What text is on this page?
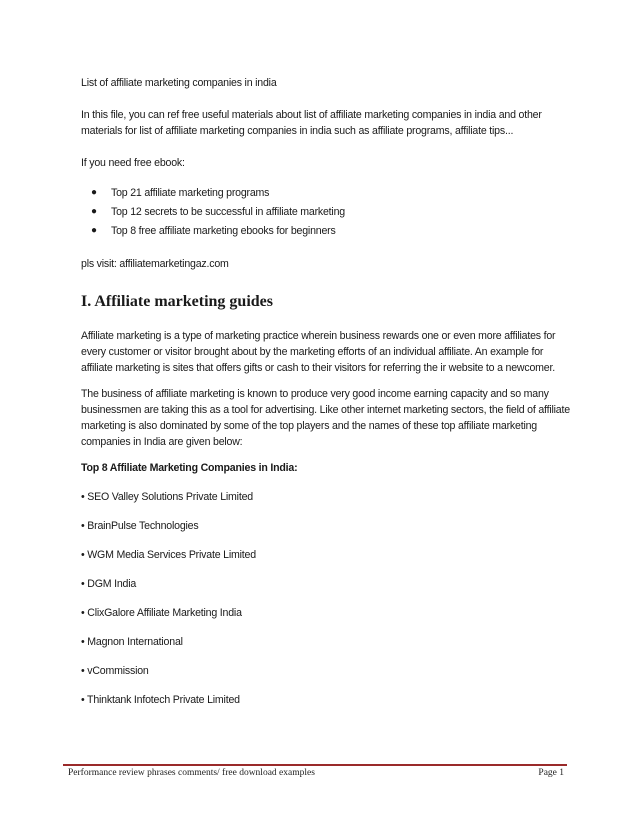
List of affiliate marketing companies in india

In this file, you can ref free useful materials about list of affiliate marketing companies in india and other materials for list of affiliate marketing companies in india such as affiliate programs, affiliate tips...

If you need free ebook:

●	Top 21 affiliate marketing programs
●	Top 12 secrets to be successful in affiliate marketing
●	Top 8 free affiliate marketing ebooks for beginners

pls visit: affiliatemarketingaz.com

I. Affiliate marketing guides

Affiliate marketing is a type of marketing practice wherein business rewards one or even more affiliates for every customer or visitor brought about by the marketing efforts of an individual affiliate. An example for affiliate marketing is sites that offers gifts or cash to their visitors for referring the ir website to a newcomer.

The business of affiliate marketing is known to produce very good income earning capacity and so many businessmen are taking this as a tool for advertising. Like other internet marketing sectors, the field of affiliate marketing is also dominated by some of the top players and the names of these top affiliate marketing companies in India are given below:

Top 8 Affiliate Marketing Companies in India:

• SEO Valley Solutions Private Limited

• BrainPulse Technologies

• WGM Media Services Private Limited

• DGM India

• ClixGalore Affiliate Marketing India

• Magnon International

• vCommission

• Thinktank Infotech Private Limited

Performance review phrases comments/ free download examples	Page 1
